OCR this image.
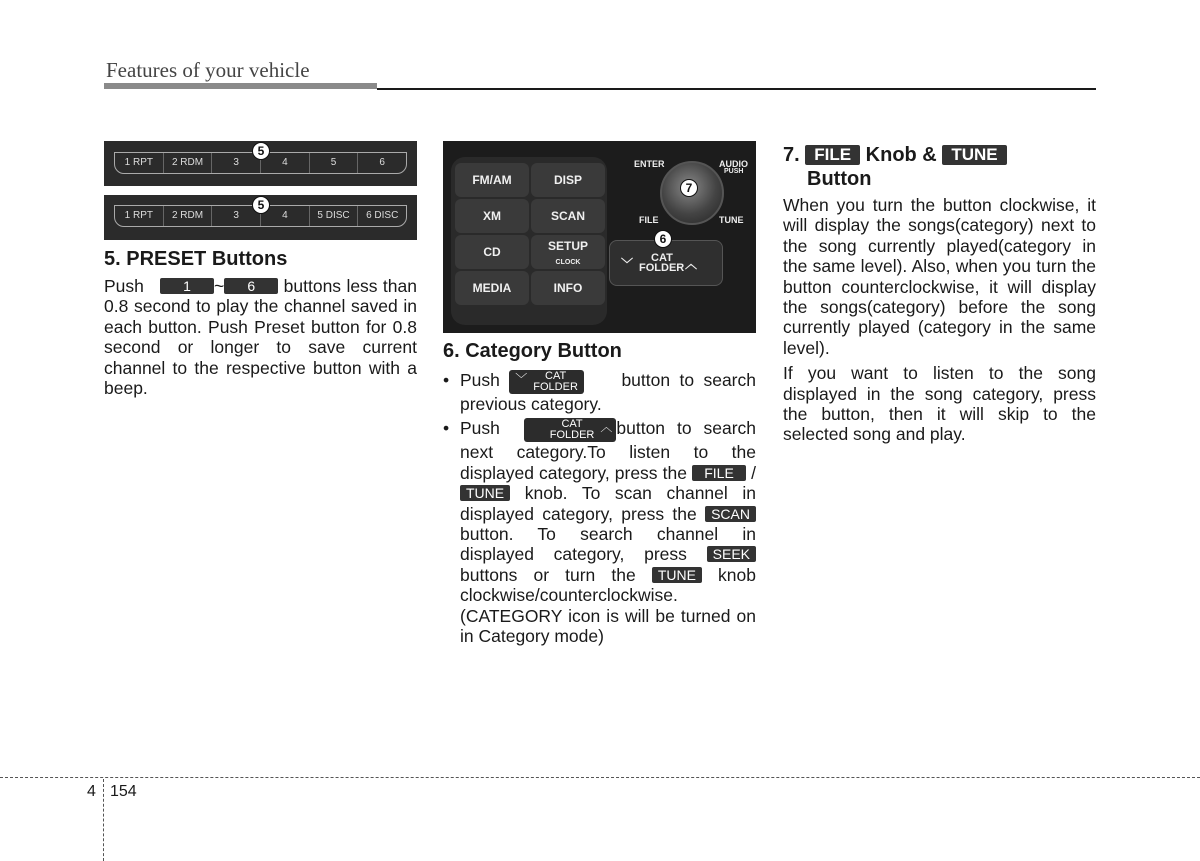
Features of your vehicle
1 RPT	2 RDM	3	4	5	6
5
1 RPT	2 RDM	3	4	5 DISC	6 DISC
5
FM/AM	DISP
XM	SCAN
CD	SETUP
CLOCK
MEDIA	INFO
ENTER	AUDIO
PUSH
FILE	TUNE
7
CAT
FOLDER
﹀	︿
6
5. PRESET Buttons

Push	1 ~ 6 buttons less than 0.8 second to play the channel saved in each button. Push Preset button for 0.8 second or longer to save current channel to the respective button with a beep.

6. Category Button
• Push ﹀ CAT
FOLDER button to search previous category.

• Push	CAT
FOLDER
︿ button to search next category.To listen to the displayed category, press the FILE /TUNE knob. To scan channel in displayed category, press the SCAN button. To search channel in displayed category, press SEEK buttons or turn the TUNE knob clockwise/counterclockwise.(CATEGORY icon is will be turned on in Category mode)

7. FILE Knob & TUNE
Button

When you turn the button clockwise, it will display the songs(category) next to the song currently played(category in the same level). Also, when you turn the button counterclockwise, it will display the songs(category) before the song currently played (category in the same level).

If you want to listen to the song displayed in the song category, press the button, then it will skip to the selected song and play.

4 154
